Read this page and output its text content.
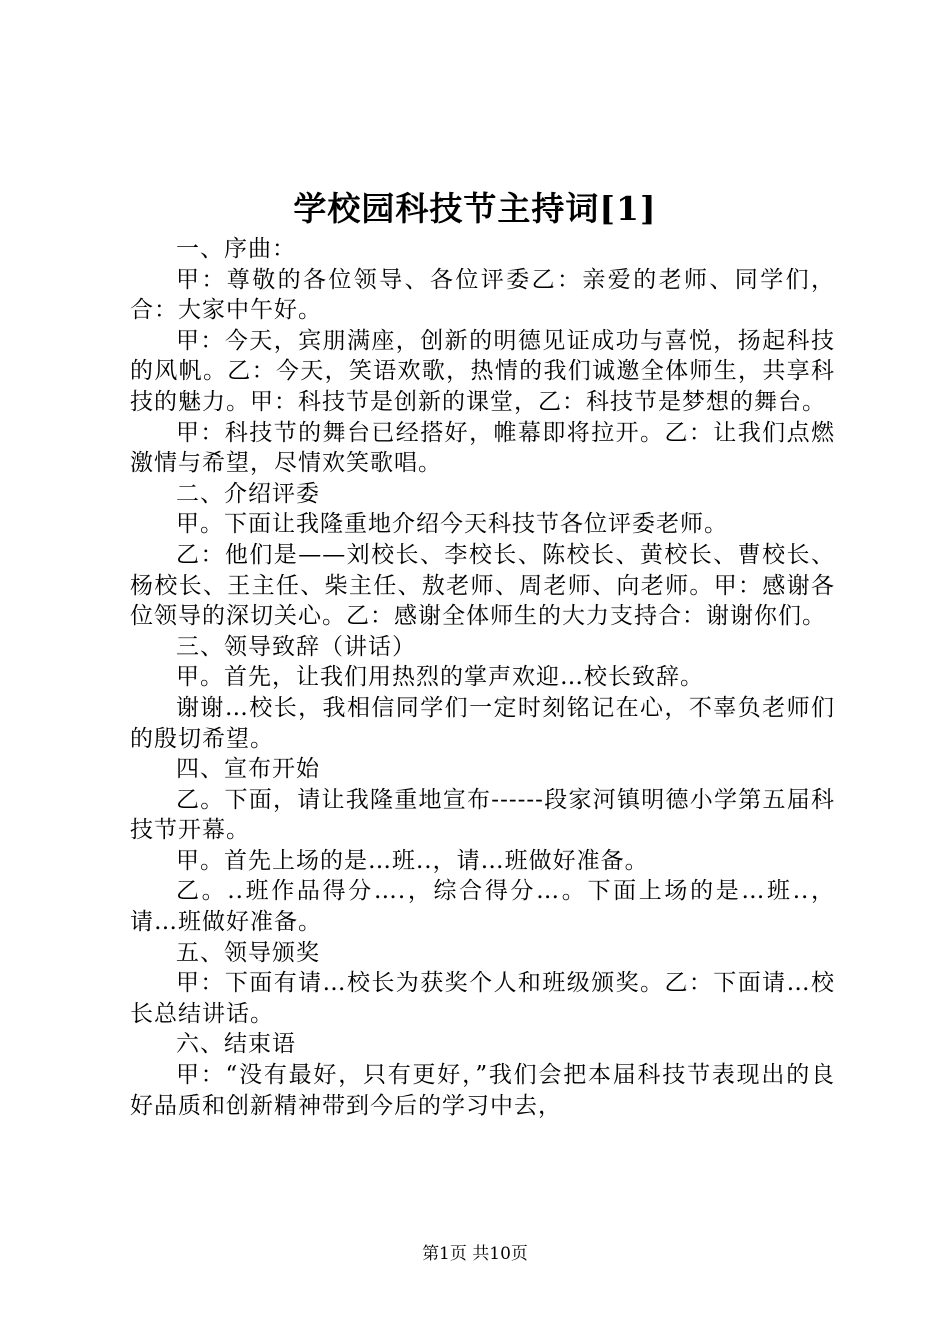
学校园科技节主持词[1]

一、序曲：

甲：尊敬的各位领导、各位评委乙：亲爱的老师、同学们，合：大家中午好。

甲：今天，宾朋满座，创新的明德见证成功与喜悦，扬起科技的风帆。乙：今天，笑语欢歌，热情的我们诚邀全体师生，共享科技的魅力。甲：科技节是创新的课堂，乙：科技节是梦想的舞台。

甲：科技节的舞台已经搭好，帷幕即将拉开。乙：让我们点燃激情与希望，尽情欢笑歌唱。

二、介绍评委

甲。下面让我隆重地介绍今天科技节各位评委老师。

乙：他们是——刘校长、李校长、陈校长、黄校长、曹校长、杨校长、王主任、柴主任、敖老师、周老师、向老师。甲：感谢各位领导的深切关心。乙：感谢全体师生的大力支持合：谢谢你们。

三、领导致辞（讲话）

甲。首先，让我们用热烈的掌声欢迎…校长致辞。

谢谢…校长，我相信同学们一定时刻铭记在心，不辜负老师们的殷切希望。

四、宣布开始

乙。下面，请让我隆重地宣布------段家河镇明德小学第五届科技节开幕。

甲。首先上场的是…班..，请…班做好准备。

乙。..班作品得分….，综合得分…。下面上场的是…班..，请…班做好准备。

五、领导颁奖

甲：下面有请…校长为获奖个人和班级颁奖。乙：下面请…校长总结讲话。

六、结束语

甲：“没有最好，只有更好，”我们会把本届科技节表现出的良好品质和创新精神带到今后的学习中去，

第1页 共10页
